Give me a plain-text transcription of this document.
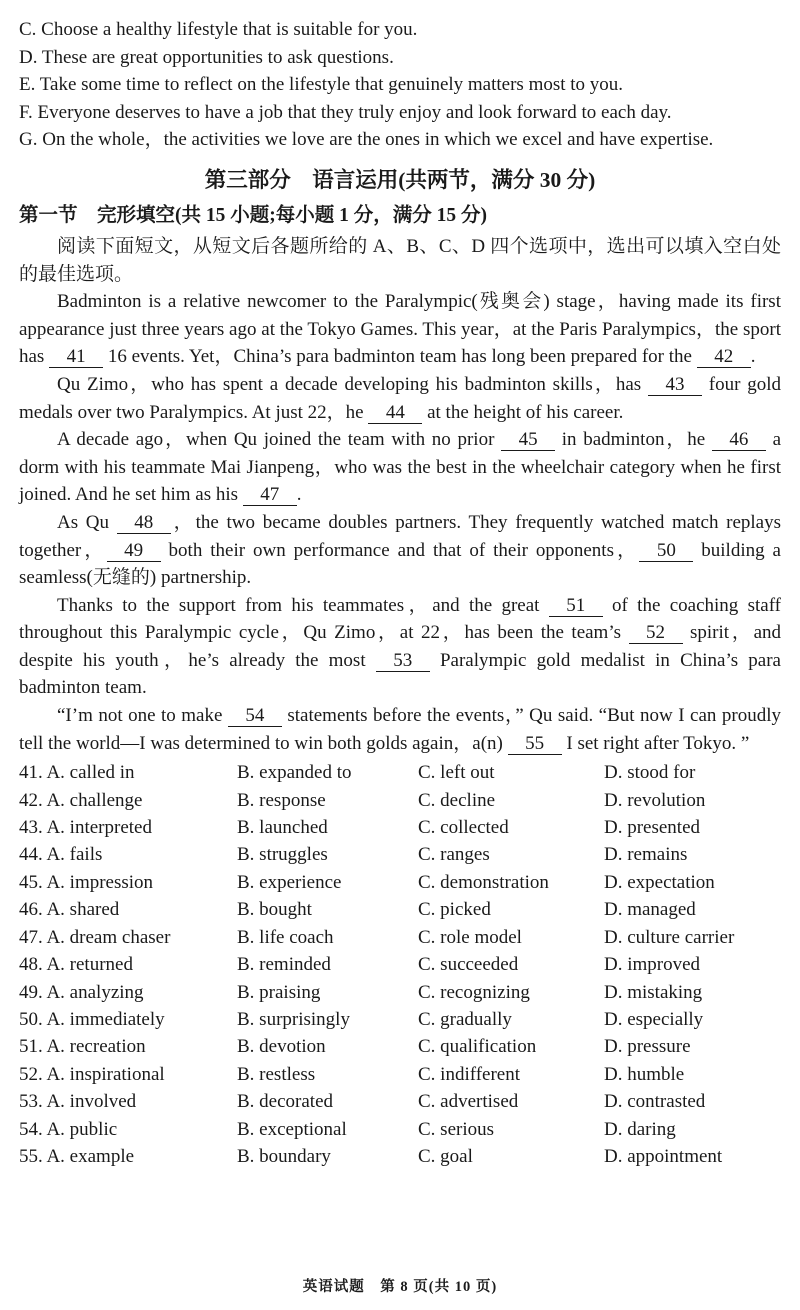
C. Choose a healthy lifestyle that is suitable for you.
D. These are great opportunities to ask questions.
E. Take some time to reflect on the lifestyle that genuinely matters most to you.
F. Everyone deserves to have a job that they truly enjoy and look forward to each day.
G. On the whole，the activities we love are the ones in which we excel and have expertise.
第三部分　语言运用(共两节，满分 30 分)
第一节　完形填空(共 15 小题;每小题 1 分，满分 15 分)

阅读下面短文，从短文后各题所给的 A、B、C、D 四个选项中，选出可以填入空白处的最佳选项。

Badminton is a relative newcomer to the Paralympic(残奥会) stage，having made its first appearance just three years ago at the Tokyo Games. This year，at the Paris Paralympics，the sport has 41 16 events. Yet，China’s para badminton team has long been prepared for the 42 .

Qu Zimo，who has spent a decade developing his badminton skills，has 43 four gold medals over two Paralympics. At just 22，he 44 at the height of his career.

A decade ago，when Qu joined the team with no prior 45 in badminton，he 46 a dorm with his teammate Mai Jianpeng，who was the best in the wheelchair category when he first joined. And he set him as his 47 .

As Qu 48 ，the two became doubles partners. They frequently watched match replays together， 49 both their own performance and that of their opponents， 50 building a seamless(无缝的) partnership.

Thanks to the support from his teammates，and the great 51 of the coaching staff throughout this Paralympic cycle，Qu Zimo，at 22，has been the team’s 52 spirit，and despite his youth，he’s already the most 53 Paralympic gold medalist in China’s para badminton team.

“I’m not one to make 54 statements before the events，” Qu said. “But now I can proudly tell the world—I was determined to win both golds again，a(n) 55 I set right after Tokyo. ”

41. A. called in	B. expanded to	C. left out	D. stood for
42. A. challenge	B. response	C. decline	D. revolution
43. A. interpreted	B. launched	C. collected	D. presented
44. A. fails	B. struggles	C. ranges	D. remains
45. A. impression	B. experience	C. demonstration	D. expectation
46. A. shared	B. bought	C. picked	D. managed
47. A. dream chaser	B. life coach	C. role model	D. culture carrier
48. A. returned	B. reminded	C. succeeded	D. improved
49. A. analyzing	B. praising	C. recognizing	D. mistaking
50. A. immediately	B. surprisingly	C. gradually	D. especially
51. A. recreation	B. devotion	C. qualification	D. pressure
52. A. inspirational	B. restless	C. indifferent	D. humble
53. A. involved	B. decorated	C. advertised	D. contrasted
54. A. public	B. exceptional	C. serious	D. daring
55. A. example	B. boundary	C. goal	D. appointment
英语试题　第 8 页(共 10 页)
